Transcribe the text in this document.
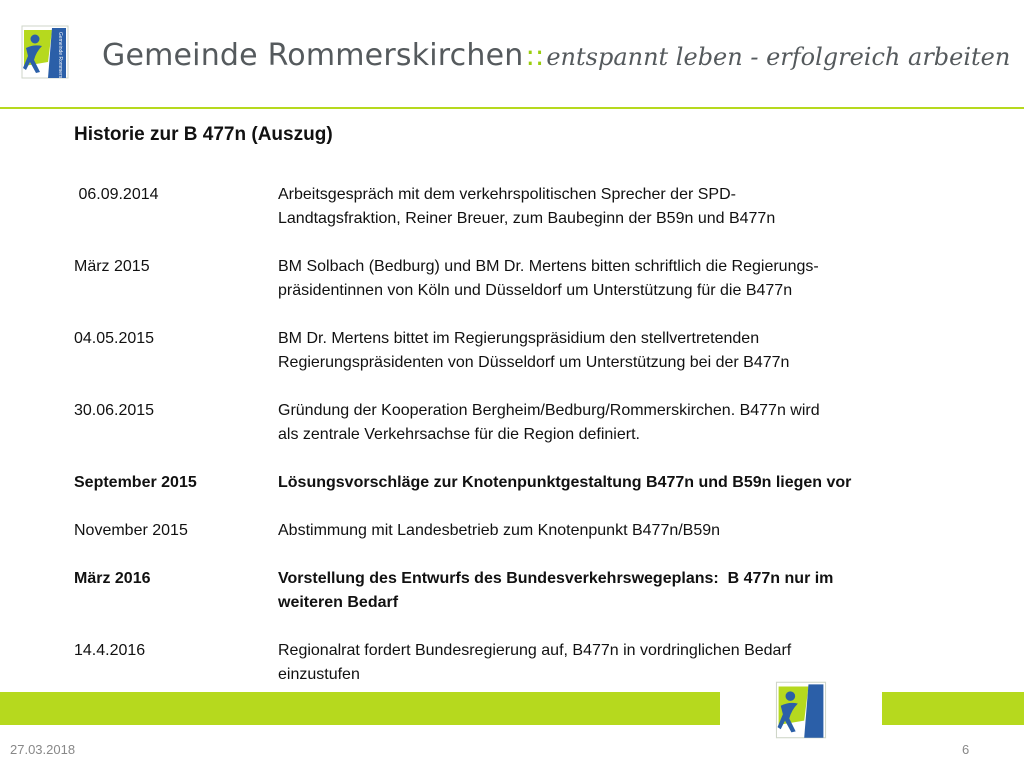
Gemeinde Rommerskirchen Gemeinde Rommerskirchen::entspannt leben - erfolgreich arbeiten
Historie zur B 477n (Auszug)
06.09.2014	Arbeitsgespräch mit dem verkehrspolitischen Sprecher der SPD-
Landtagsfraktion, Reiner Breuer, zum Baubeginn der B59n und B477n
März 2015	BM Solbach (Bedburg) und BM Dr. Mertens bitten schriftlich die Regierungs-
präsidentinnen von Köln und Düsseldorf um Unterstützung für die B477n
04.05.2015	BM Dr. Mertens bittet im Regierungspräsidium den stellvertretenden
Regierungspräsidenten von Düsseldorf um Unterstützung bei der B477n
30.06.2015	Gründung der Kooperation Bergheim/Bedburg/Rommerskirchen. B477n wird
als zentrale Verkehrsachse für die Region definiert.
September 2015	Lösungsvorschläge zur Knotenpunktgestaltung B477n und B59n liegen vor
November 2015	Abstimmung mit Landesbetrieb zum Knotenpunkt B477n/B59n
März 2016	Vorstellung des Entwurfs des Bundesverkehrswegeplans:  B 477n nur im
weiteren Bedarf
14.4.2016	Regionalrat fordert Bundesregierung auf, B477n in vordringlichen Bedarf
einzustufen
27.03.2018	6
